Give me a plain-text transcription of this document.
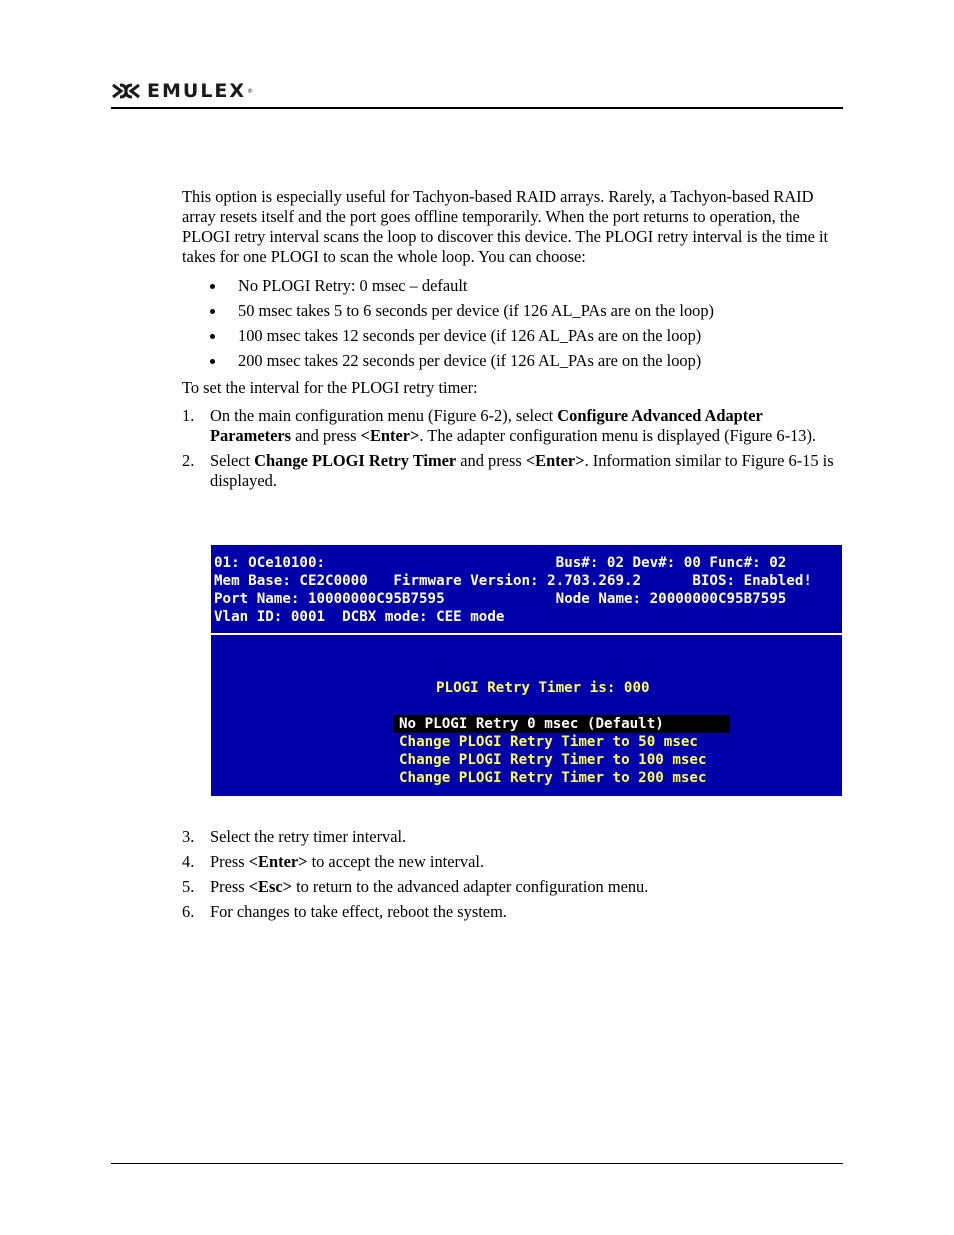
EMULEX ®

This option is especially useful for Tachyon-based RAID arrays. Rarely, a Tachyon-based RAID array resets itself and the port goes offline temporarily. When the port returns to operation, the PLOGI retry interval scans the loop to discover this device. The PLOGI retry interval is the time it takes for one PLOGI to scan the whole loop. You can choose:

No PLOGI Retry: 0 msec – default
50 msec takes 5 to 6 seconds per device (if 126 AL_PAs are on the loop)
100 msec takes 12 seconds per device (if 126 AL_PAs are on the loop)
200 msec takes 22 seconds per device (if 126 AL_PAs are on the loop)

To set the interval for the PLOGI retry timer:

1. On the main configuration menu (Figure 6-2), select Configure Advanced Adapter Parameters and press <Enter>. The adapter configuration menu is displayed (Figure 6-13).
2. Select Change PLOGI Retry Timer and press <Enter>. Information similar to Figure 6-15 is displayed.
01: OCe10100:                           Bus#: 02 Dev#: 00 Func#: 02
Mem Base: CE2C0000   Firmware Version: 2.703.269.2      BIOS: Enabled!
Port Name: 10000000C95B7595             Node Name: 20000000C95B7595
Vlan ID: 0001  DCBX mode: CEE mode
PLOGI Retry Timer is: 000
No PLOGI Retry 0 msec (Default)
Change PLOGI Retry Timer to 50 msec
Change PLOGI Retry Timer to 100 msec
Change PLOGI Retry Timer to 200 msec
3. Select the retry timer interval.
4. Press <Enter> to accept the new interval.
5. Press <Esc> to return to the advanced adapter configuration menu.
6. For changes to take effect, reboot the system.
